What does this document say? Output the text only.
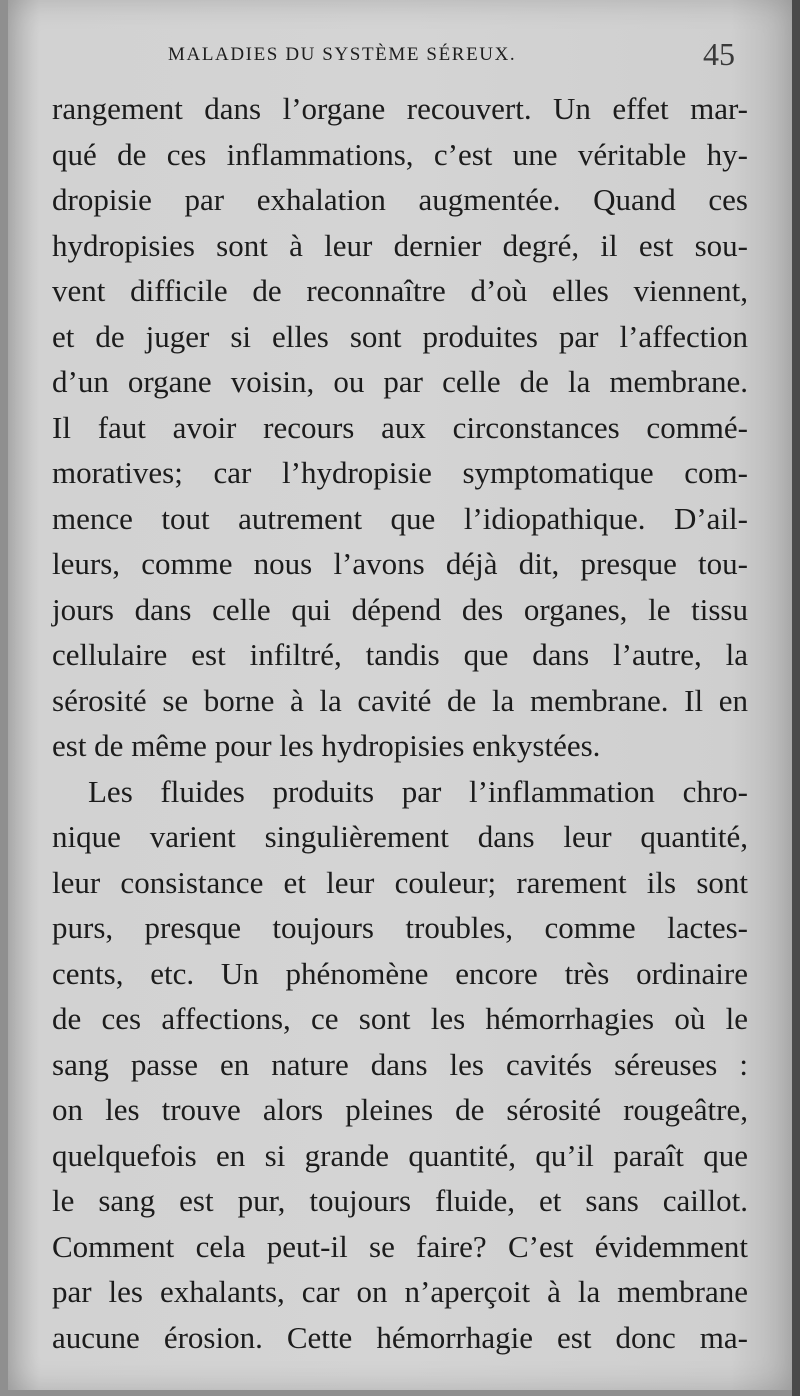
MALADIES DU SYSTÈME SÉREUX.	45
rangement dans l’organe recouvert. Un effet mar-
qué de ces inflammations, c’est une véritable hy-
dropisie par exhalation augmentée. Quand ces
hydropisies sont à leur dernier degré, il est sou-
vent difficile de reconnaître d’où elles viennent,
et de juger si elles sont produites par l’affection
d’un organe voisin, ou par celle de la membrane.
Il faut avoir recours aux circonstances commé-
moratives; car l’hydropisie symptomatique com-
mence tout autrement que l’idiopathique. D’ail-
leurs, comme nous l’avons déjà dit, presque tou-
jours dans celle qui dépend des organes, le tissu
cellulaire est infiltré, tandis que dans l’autre, la
sérosité se borne à la cavité de la membrane. Il en
est de même pour les hydropisies enkystées.
Les fluides produits par l’inflammation chro-
nique varient singulièrement dans leur quantité,
leur consistance et leur couleur; rarement ils sont
purs, presque toujours troubles, comme lactes-
cents, etc. Un phénomène encore très ordinaire
de ces affections, ce sont les hémorrhagies où le
sang passe en nature dans les cavités séreuses :
on les trouve alors pleines de sérosité rougeâtre,
quelquefois en si grande quantité, qu’il paraît que
le sang est pur, toujours fluide, et sans caillot.
Comment cela peut-il se faire? C’est évidemment
par les exhalants, car on n’aperçoit à la membrane
aucune érosion. Cette hémorrhagie est donc ma-
